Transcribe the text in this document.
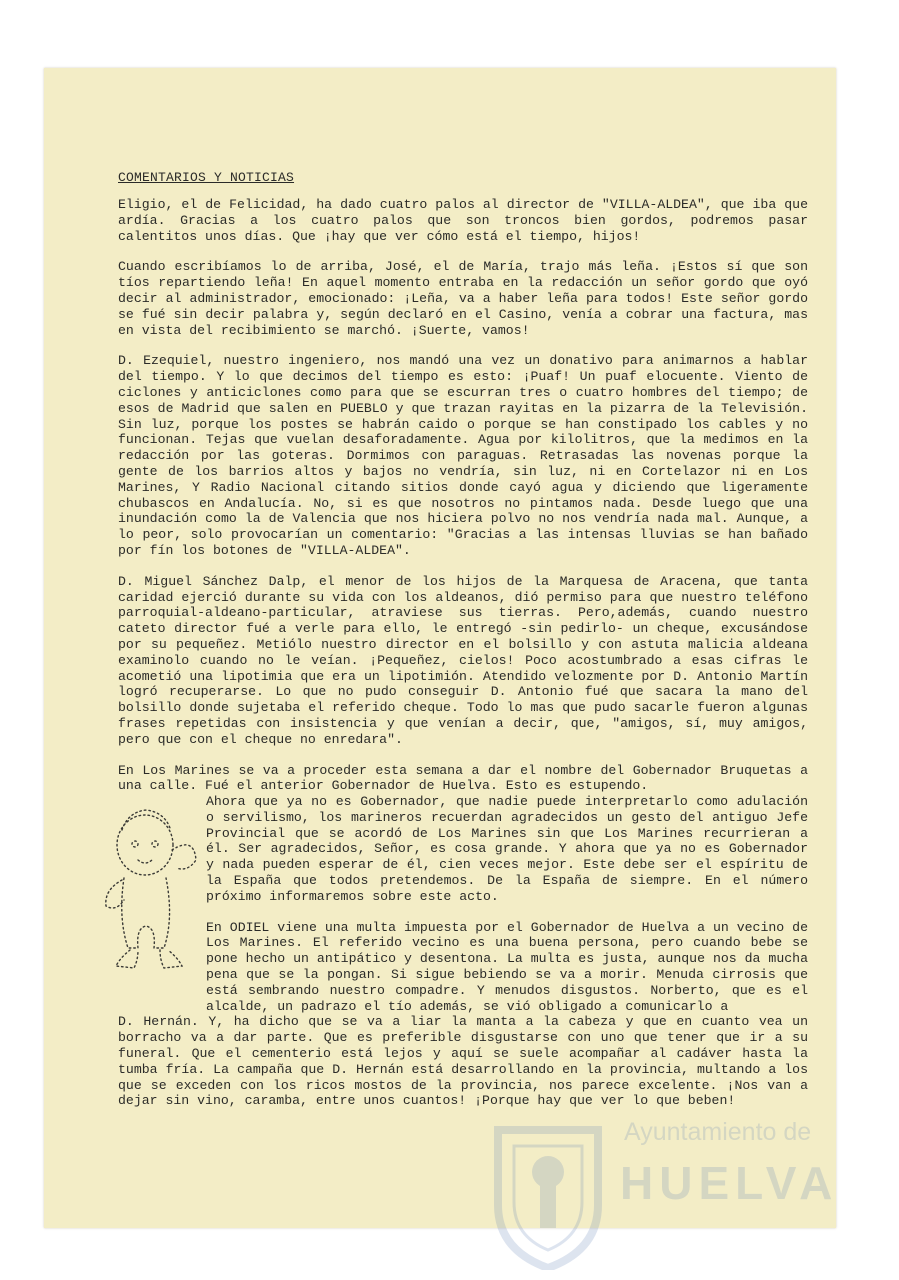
COMENTARIOS Y NOTICIAS

Eligio, el de Felicidad, ha dado cuatro palos al director de "VILLA-ALDEA", que iba que ardía. Gracias a los cuatro palos que son troncos bien gordos, podremos pasar calentitos unos días. Que ¡hay que ver cómo está el tiempo, hijos!

Cuando escribíamos lo de arriba, José, el de María, trajo más leña. ¡Estos sí que son tíos repartiendo leña! En aquel momento entraba en la redacción un señor gordo que oyó decir al administrador, emocionado: ¡Leña, va a haber leña para todos! Este señor gordo se fué sin decir palabra y, según declaró en el Casino, venía a cobrar una factura, mas en vista del recibimiento se marchó. ¡Suerte, vamos!

D. Ezequiel, nuestro ingeniero, nos mandó una vez un donativo para animarnos a hablar del tiempo. Y lo que decimos del tiempo es esto: ¡Puaf! Un puaf elocuente. Viento de ciclones y anticiclones como para que se escurran tres o cuatro hombres del tiempo; de esos de Madrid que salen en PUEBLO y que trazan rayitas en la pizarra de la Televisión. Sin luz, porque los postes se habrán caido o porque se han constipado los cables y no funcionan. Tejas que vuelan desaforadamente. Agua por kilolitros, que la medimos en la redacción por las goteras. Dormimos con paraguas. Retrasadas las novenas porque la gente de los barrios altos y bajos no vendría, sin luz, ni en Cortelazor ni en Los Marines, Y Radio Nacional citando sitios donde cayó agua y diciendo que ligeramente chubascos en Andalucía. No, si es que nosotros no pintamos nada. Desde luego que una inundación como la de Valencia que nos hiciera polvo no nos vendría nada mal. Aunque, a lo peor, solo provocarían un comentario: "Gracias a las intensas lluvias se han bañado por fín los botones de "VILLA-ALDEA".

D. Miguel Sánchez Dalp, el menor de los hijos de la Marquesa de Aracena, que tanta caridad ejerció durante su vida con los aldeanos, dió permiso para que nuestro teléfono parroquial-aldeano-particular, atraviese sus tierras. Pero,además, cuando nuestro cateto director fué a verle para ello, le entregó -sin pedirlo- un cheque, excusándose por su pequeñez. Metiólo nuestro director en el bolsillo y con astuta malicia aldeana examinolo cuando no le veían. ¡Pequeñez, cielos! Poco acostumbrado a esas cifras le acometió una lipotimia que era un lipotimión. Atendido velozmente por D. Antonio Martín logró recuperarse. Lo que no pudo conseguir D. Antonio fué que sacara la mano del bolsillo donde sujetaba el referido cheque. Todo lo mas que pudo sacarle fueron algunas frases repetidas con insistencia y que venían a decir, que, "amigos, sí, muy amigos, pero que con el cheque no enredara".

En Los Marines se va a proceder esta semana a dar el nombre del Gobernador Bruquetas a una calle. Fué el anterior Gobernador de Huelva. Esto es estupendo.

Ahora que ya no es Gobernador, que nadie puede interpretarlo como adulación o servilismo, los marineros recuerdan agradecidos un gesto del antiguo Jefe Provincial que se acordó de Los Marines sin que Los Marines recurrieran a él. Ser agradecidos, Señor, es cosa grande. Y ahora que ya no es Gobernador y nada pueden esperar de él, cien veces mejor. Este debe ser el espíritu de la España que todos pretendemos. De la España de siempre. En el número próximo informaremos sobre este acto.

En ODIEL viene una multa impuesta por el Gobernador de Huelva a un vecino de Los Marines. El referido vecino es una buena persona, pero cuando bebe se pone hecho un antipático y desentona. La multa es justa, aunque nos da mucha pena que se la pongan. Si sigue bebiendo se va a morir. Menuda cirrosis que está sembrando nuestro compadre. Y menudos disgustos. Norberto, que es el alcalde, un padrazo el tío además, se vió obligado a comunicarlo a

D. Hernán. Y, ha dicho que se va a liar la manta a la cabeza y que en cuanto vea un borracho va a dar parte. Que es preferible disgustarse con uno que tener que ir a su funeral. Que el cementerio está lejos y aquí se suele acompañar al cadáver hasta la tumba fría. La campaña que D. Hernán está desarrollando en la provincia, multando a los que se exceden con los ricos mostos de la provincia, nos parece excelente. ¡Nos van a dejar sin vino, caramba, entre unos cuantos! ¡Porque hay que ver lo que beben!

Ayuntamiento de
HUELVA
